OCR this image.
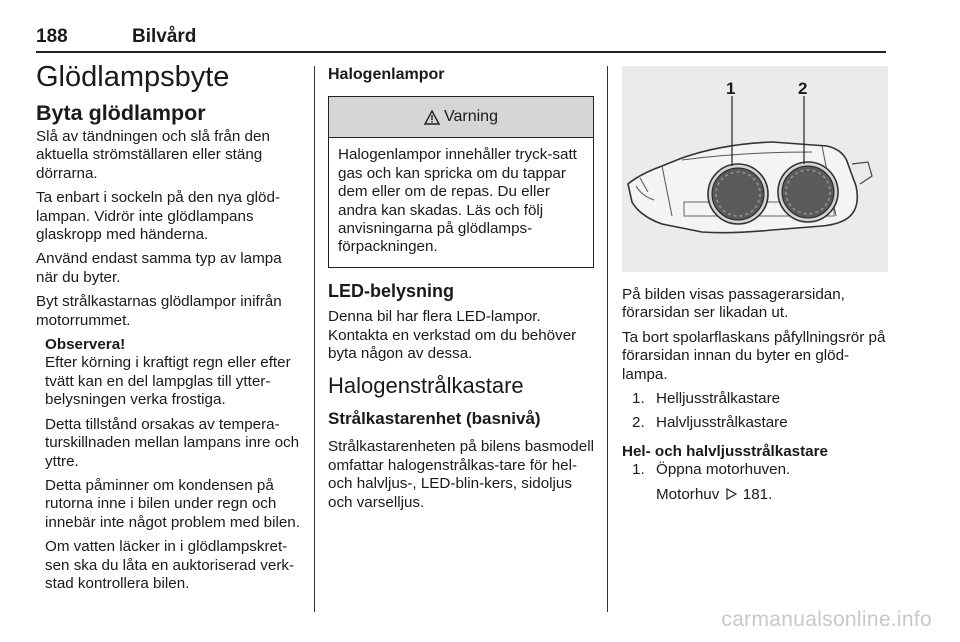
188	Bilvård
Glödlampsbyte
Byta glödlampor

Slå av tändningen och slå från den aktuella strömställaren eller stäng dörrarna.

Ta enbart i sockeln på den nya glöd-lampan. Vidrör inte glödlampans glaskropp med händerna.

Använd endast samma typ av lampa när du byter.

Byt strålkastarnas glödlampor inifrån motorrummet.

Observera!

Efter körning i kraftigt regn eller efter tvätt kan en del lampglas till ytter-belysningen verka frostiga.

Detta tillstånd orsakas av tempera-turskillnaden mellan lampans inre och yttre.

Detta påminner om kondensen på rutorna inne i bilen under regn och innebär inte något problem med bilen.

Om vatten läcker in i glödlampskret-sen ska du låta en auktoriserad verk-stad kontrollera bilen.

Halogenlampor
Varning
Halogenlampor innehåller tryck-satt gas och kan spricka om du tappar dem eller om de repas. Du eller andra kan skadas. Läs och följ anvisningarna på glödlamps-förpackningen.
LED-belysning

Denna bil har flera LED-lampor. Kontakta en verkstad om du behöver byta någon av dessa.

Halogenstrålkastare
Strålkastarenhet (basnivå)

Strålkastarenheten på bilens basmodell omfattar halogenstrålkas-tare för hel- och halvljus-, LED-blin-kers, sidoljus och varselljus.

1	2

På bilden visas passagerarsidan, förarsidan ser likadan ut.

Ta bort spolarflaskans påfyllningsrör på förarsidan innan du byter en glöd-lampa.

1. Helljusstrålkastare
2. Halvljusstrålkastare
Hel- och halvljusstrålkastare
1. Öppna motorhuven.

Motorhuv 181.

carmanualsonline.info
